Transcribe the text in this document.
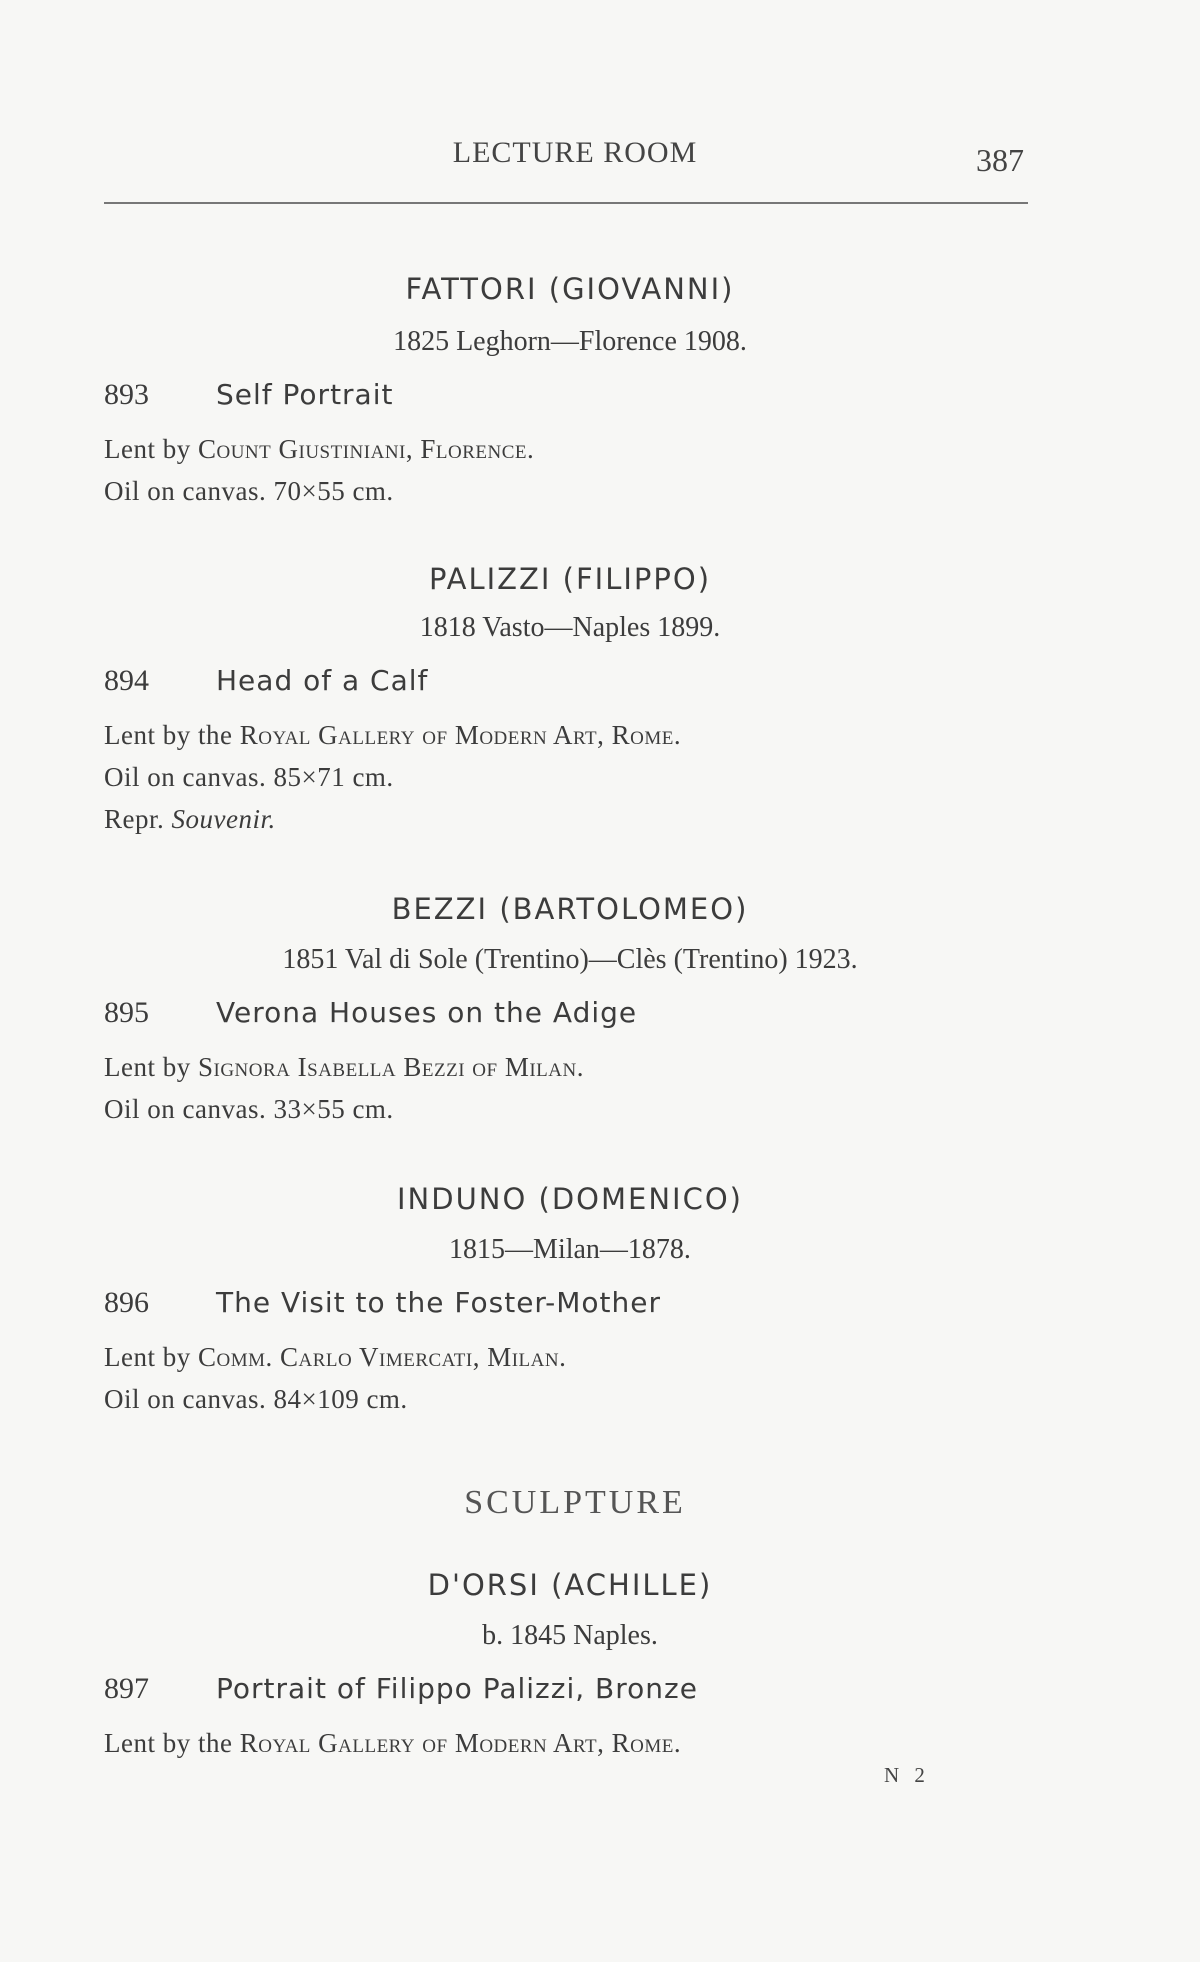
LECTURE ROOM	387
FATTORI (GIOVANNI)
1825 Leghorn—Florence 1908.
893 Self Portrait
Lent by Count Giustiniani, Florence.
Oil on canvas. 70×55 cm.
PALIZZI (FILIPPO)
1818 Vasto—Naples 1899.
894 Head of a Calf
Lent by the Royal Gallery of Modern Art, Rome.
Oil on canvas. 85×71 cm.
Repr. Souvenir.
BEZZI (BARTOLOMEO)
1851 Val di Sole (Trentino)—Clès (Trentino) 1923.
895 Verona Houses on the Adige
Lent by Signora Isabella Bezzi of Milan.
Oil on canvas. 33×55 cm.
INDUNO (DOMENICO)
1815—Milan—1878.
896 The Visit to the Foster-Mother
Lent by Comm. Carlo Vimercati, Milan.
Oil on canvas. 84×109 cm.
SCULPTURE
D'ORSI (ACHILLE)
b. 1845 Naples.
897 Portrait of Filippo Palizzi, Bronze
Lent by the Royal Gallery of Modern Art, Rome.
N 2
